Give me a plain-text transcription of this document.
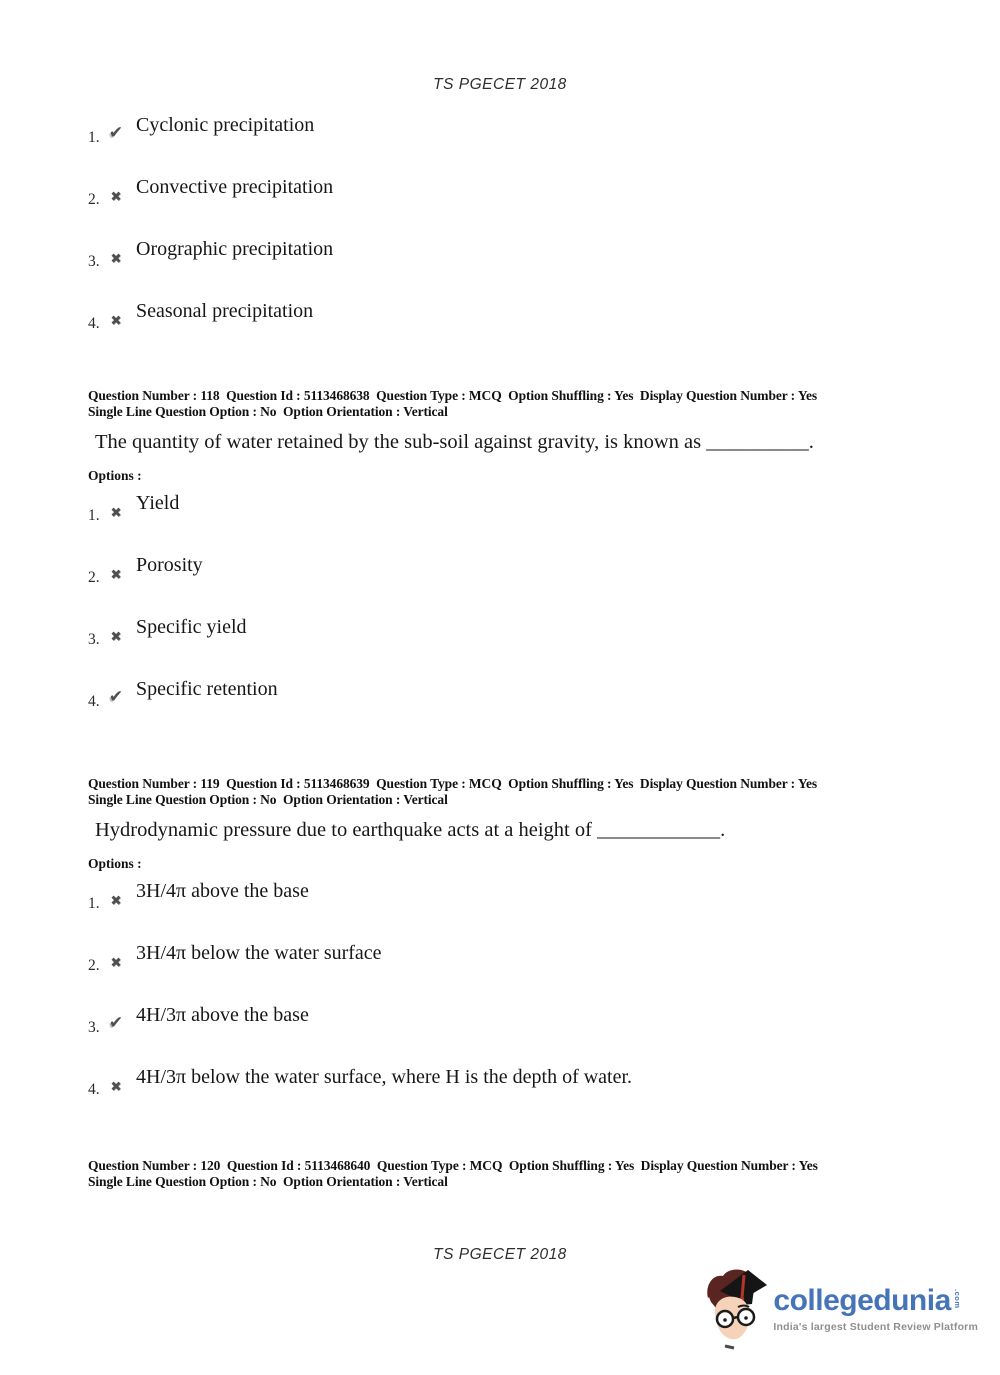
TS PGECET 2018
1. ✔ Cyclonic precipitation
2. ✖ Convective precipitation
3. ✖ Orographic precipitation
4. ✖ Seasonal precipitation
Question Number : 118  Question Id : 5113468638  Question Type : MCQ  Option Shuffling : Yes  Display Question Number : Yes
Single Line Question Option : No  Option Orientation : Vertical
The quantity of water retained by the sub-soil against gravity, is known as __________.
Options :
1. ✖ Yield
2. ✖ Porosity
3. ✖ Specific yield
4. ✔ Specific retention
Question Number : 119  Question Id : 5113468639  Question Type : MCQ  Option Shuffling : Yes  Display Question Number : Yes
Single Line Question Option : No  Option Orientation : Vertical
Hydrodynamic pressure due to earthquake acts at a height of ____________.
Options :
1. ✖ 3H/4π above the base
2. ✖ 3H/4π below the water surface
3. ✔ 4H/3π above the base
4. ✖ 4H/3π below the water surface, where H is the depth of water.
Question Number : 120  Question Id : 5113468640  Question Type : MCQ  Option Shuffling : Yes  Display Question Number : Yes
Single Line Question Option : No  Option Orientation : Vertical
TS PGECET 2018
collegedunia .com
India's largest Student Review Platform
